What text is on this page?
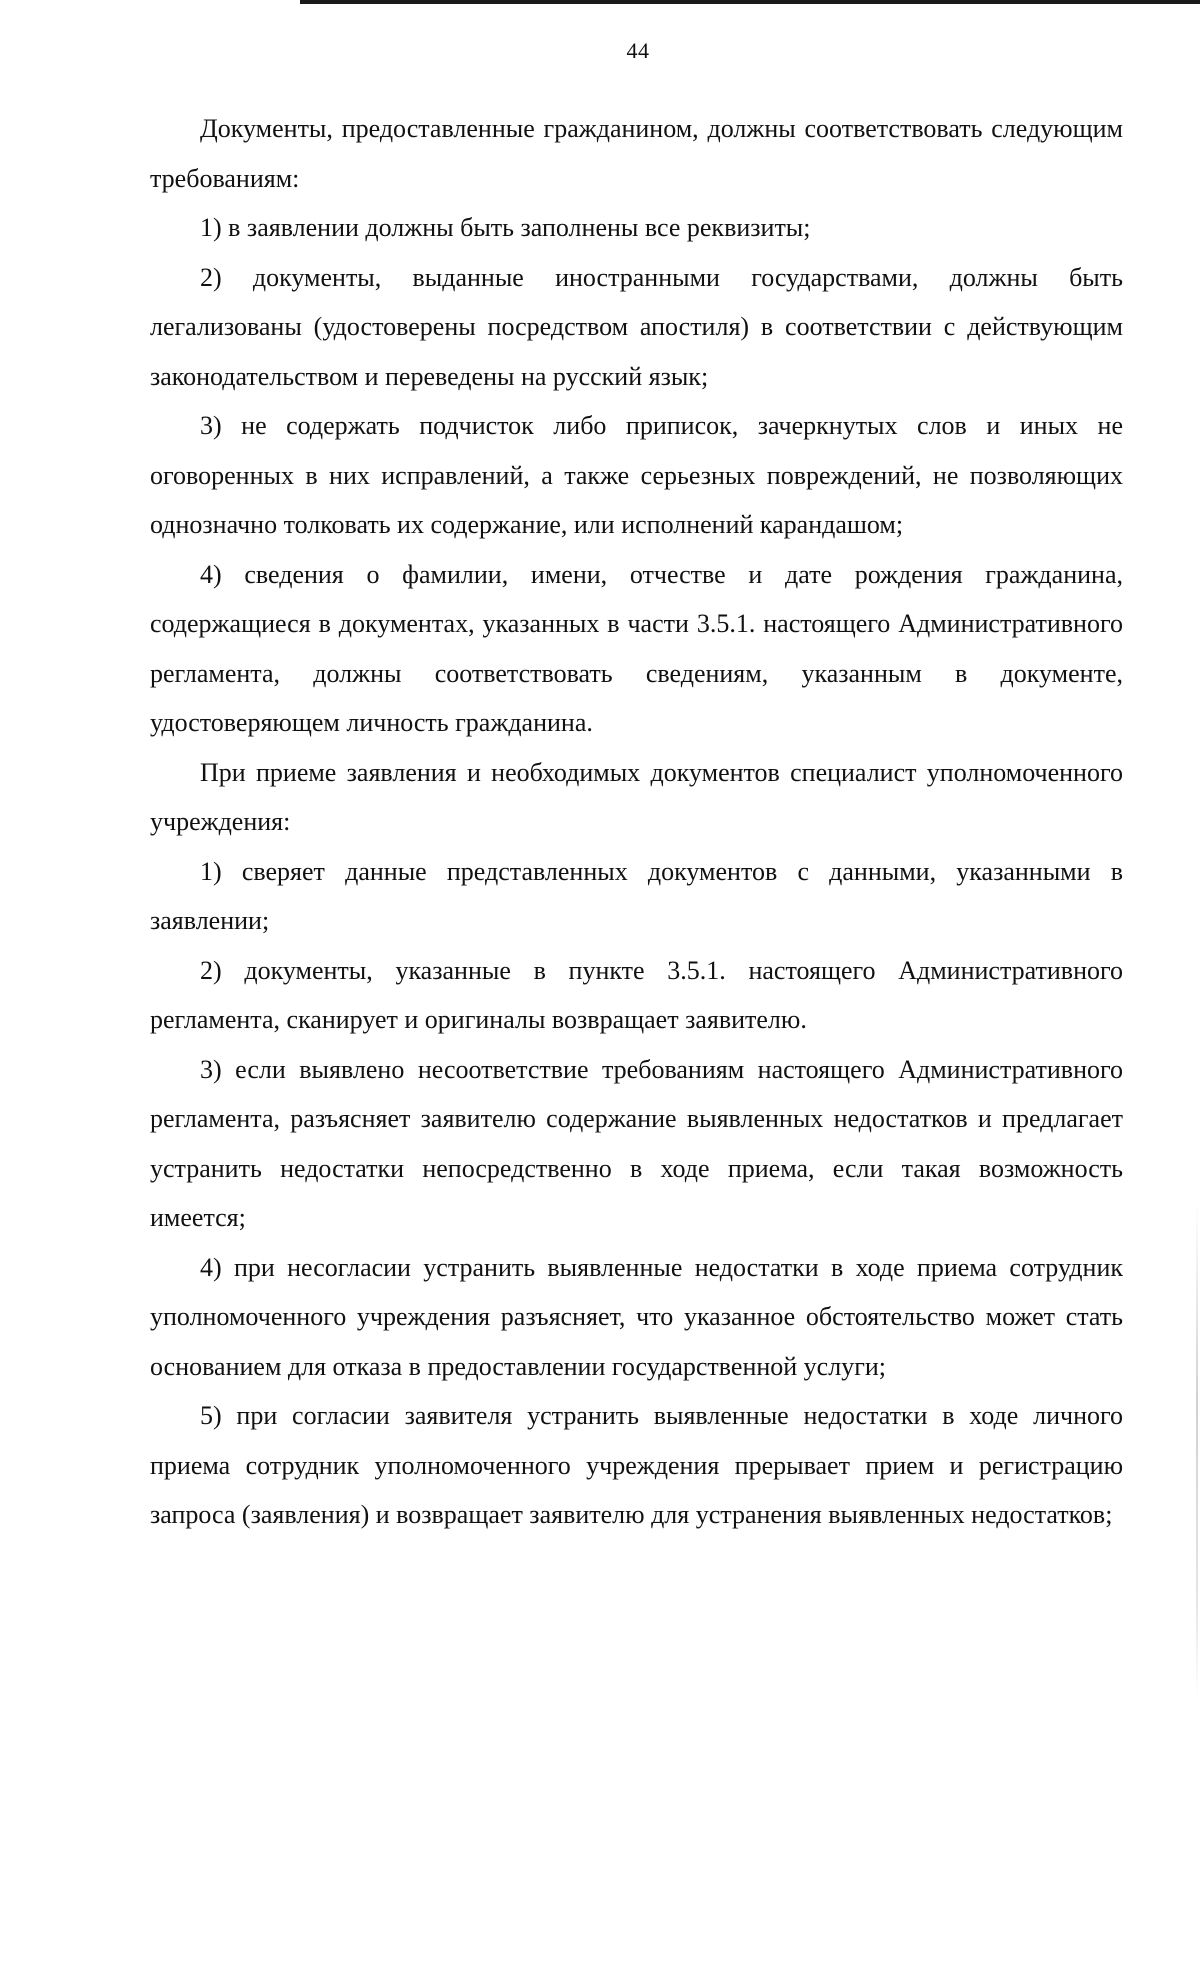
44

Документы, предоставленные гражданином, должны соответствовать следующим требованиям:

1) в заявлении должны быть заполнены все реквизиты;

2) документы, выданные иностранными государствами, должны быть легализованы (удостоверены посредством апостиля) в соответствии с действующим законодательством и переведены на русский язык;

3) не содержать подчисток либо приписок, зачеркнутых слов и иных не оговоренных в них исправлений, а также серьезных повреждений, не позволяющих однозначно толковать их содержание, или исполнений карандашом;

4) сведения о фамилии, имени, отчестве и дате рождения гражданина, содержащиеся в документах, указанных в части 3.5.1. настоящего Административного регламента, должны соответствовать сведениям, указанным в документе, удостоверяющем личность гражданина.

При приеме заявления и необходимых документов специалист уполномоченного учреждения:

1) сверяет данные представленных документов с данными, указанными в заявлении;

2) документы, указанные в пункте 3.5.1. настоящего Административного регламента, сканирует и оригиналы возвращает заявителю.

3) если выявлено несоответствие требованиям настоящего Административного регламента, разъясняет заявителю содержание выявленных недостатков и предлагает устранить недостатки непосредственно в ходе приема, если такая возможность имеется;

4) при несогласии устранить выявленные недостатки в ходе приема сотрудник уполномоченного учреждения разъясняет, что указанное обстоятельство может стать основанием для отказа в предоставлении государственной услуги;

5) при согласии заявителя устранить выявленные недостатки в ходе личного приема сотрудник уполномоченного учреждения прерывает прием и регистрацию запроса (заявления) и возвращает заявителю для устранения выявленных недостатков;
